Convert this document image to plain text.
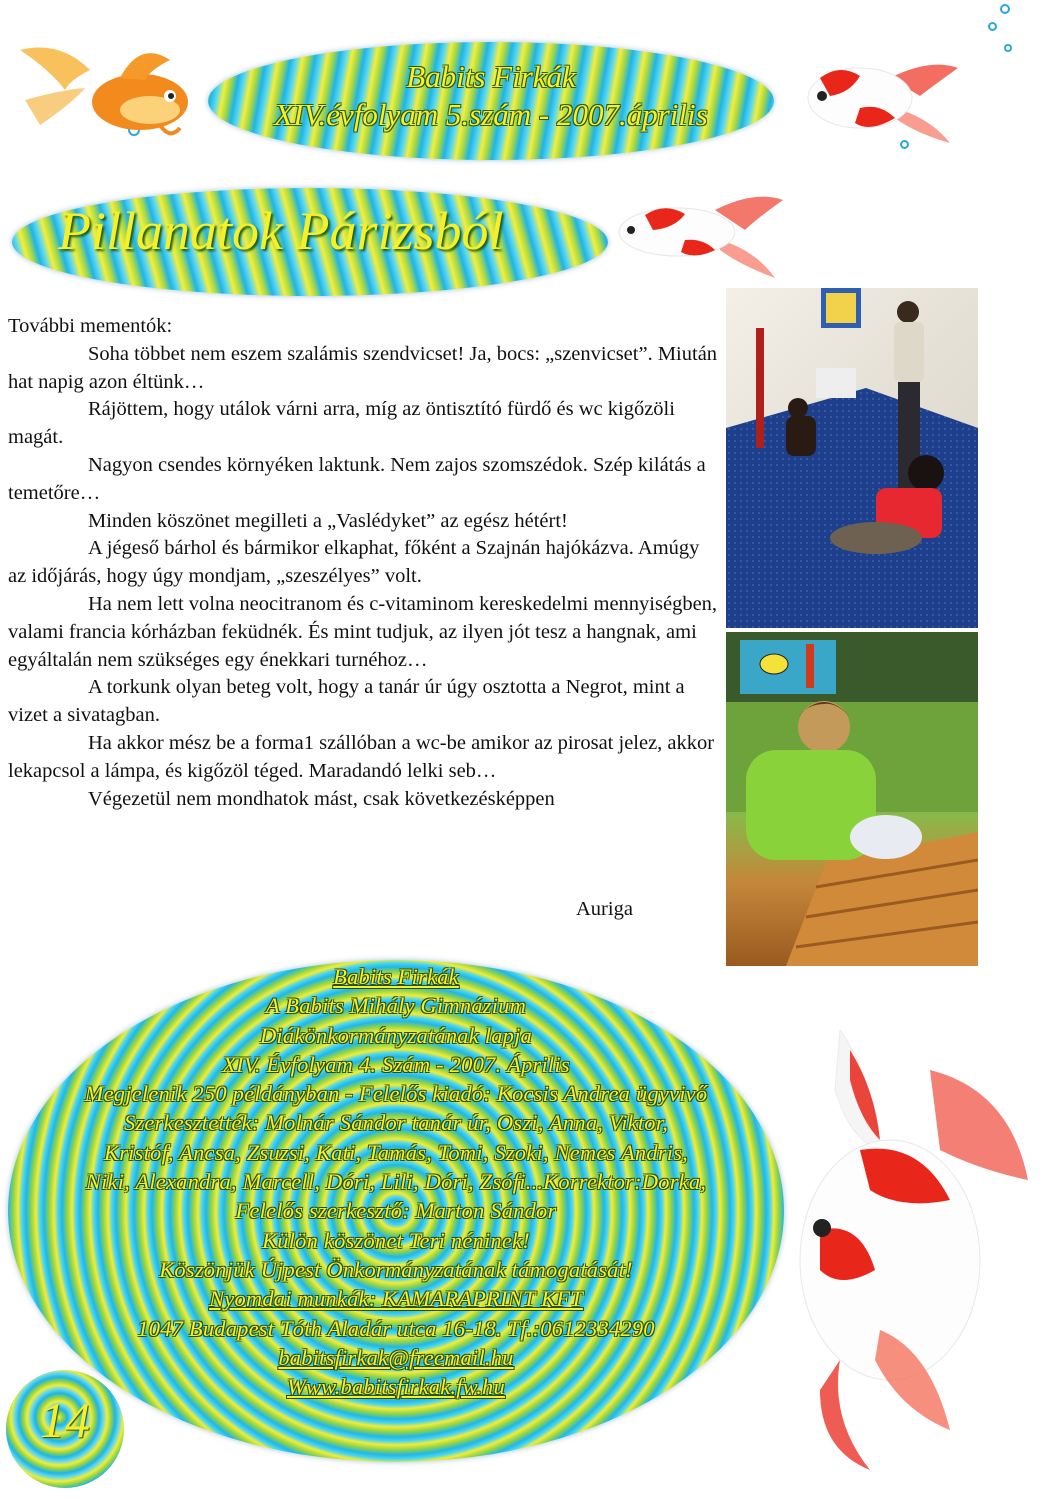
Babits Firkák
XIV.évfolyam 5.szám - 2007.április
Pillanatok Párizsból

További mementók:

Soha többet nem eszem szalámis szendvicset! Ja, bocs: „szenvicset”. Miután hat napig azon éltünk…

Rájöttem, hogy utálok várni arra, míg az öntisztító fürdő és wc kigőzöli magát.

Nagyon csendes környéken laktunk. Nem zajos szomszédok. Szép kilátás a temetőre…

Minden köszönet megilleti a „Vaslédyket” az egész hétért!

A jégeső bárhol és bármikor elkaphat, főként a Szajnán hajókázva. Amúgy az időjárás, hogy úgy mondjam, „szeszélyes” volt.

Ha nem lett volna neocitranom és c-vitaminom kereskedelmi mennyiségben, valami francia kórházban feküdnék. És mint tudjuk, az ilyen jót tesz a hangnak, ami egyáltalán nem szükséges egy énekkari turnéhoz…

A torkunk olyan beteg volt, hogy a tanár úr úgy osztotta a Negrot, mint a vizet a sivatagban.

Ha akkor mész be a forma1 szállóban a wc-be amikor az pirosat jelez, akkor lekapcsol a lámpa, és kigőzöl téged. Maradandó lelki seb…

Végezetül nem mondhatok mást, csak következésképpen

Auriga
Babits Firkák
A Babits Mihály Gimnázium
Diákönkormányzatának lapja
XIV. Évfolyam 4. Szám - 2007. Április
Megjelenik 250 példányban - Felelős kiadó: Kocsis Andrea ügyvivő
Szerkesztették: Molnár Sándor tanár úr, Oszi, Anna, Viktor,
Kristóf, Ancsa, Zsuzsi, Kati, Tamás, Tomi, Szoki, Nemes Andris,
Niki, Alexandra, Marcell, Dóri, Lili, Dóri, Zsófi...Korrektor:Dorka,
Felelős szerkesztő: Marton Sándor
Külön köszönet Teri néninek!
Köszönjük Újpest Önkormányzatának támogatását!
Nyomdai munkák: KAMARAPRINT KFT
1047 Budapest Tóth Aladár utca 16-18. Tf.:0612334290
babitsfirkak@freemail.hu
Www.babitsfirkak.fw.hu
14
